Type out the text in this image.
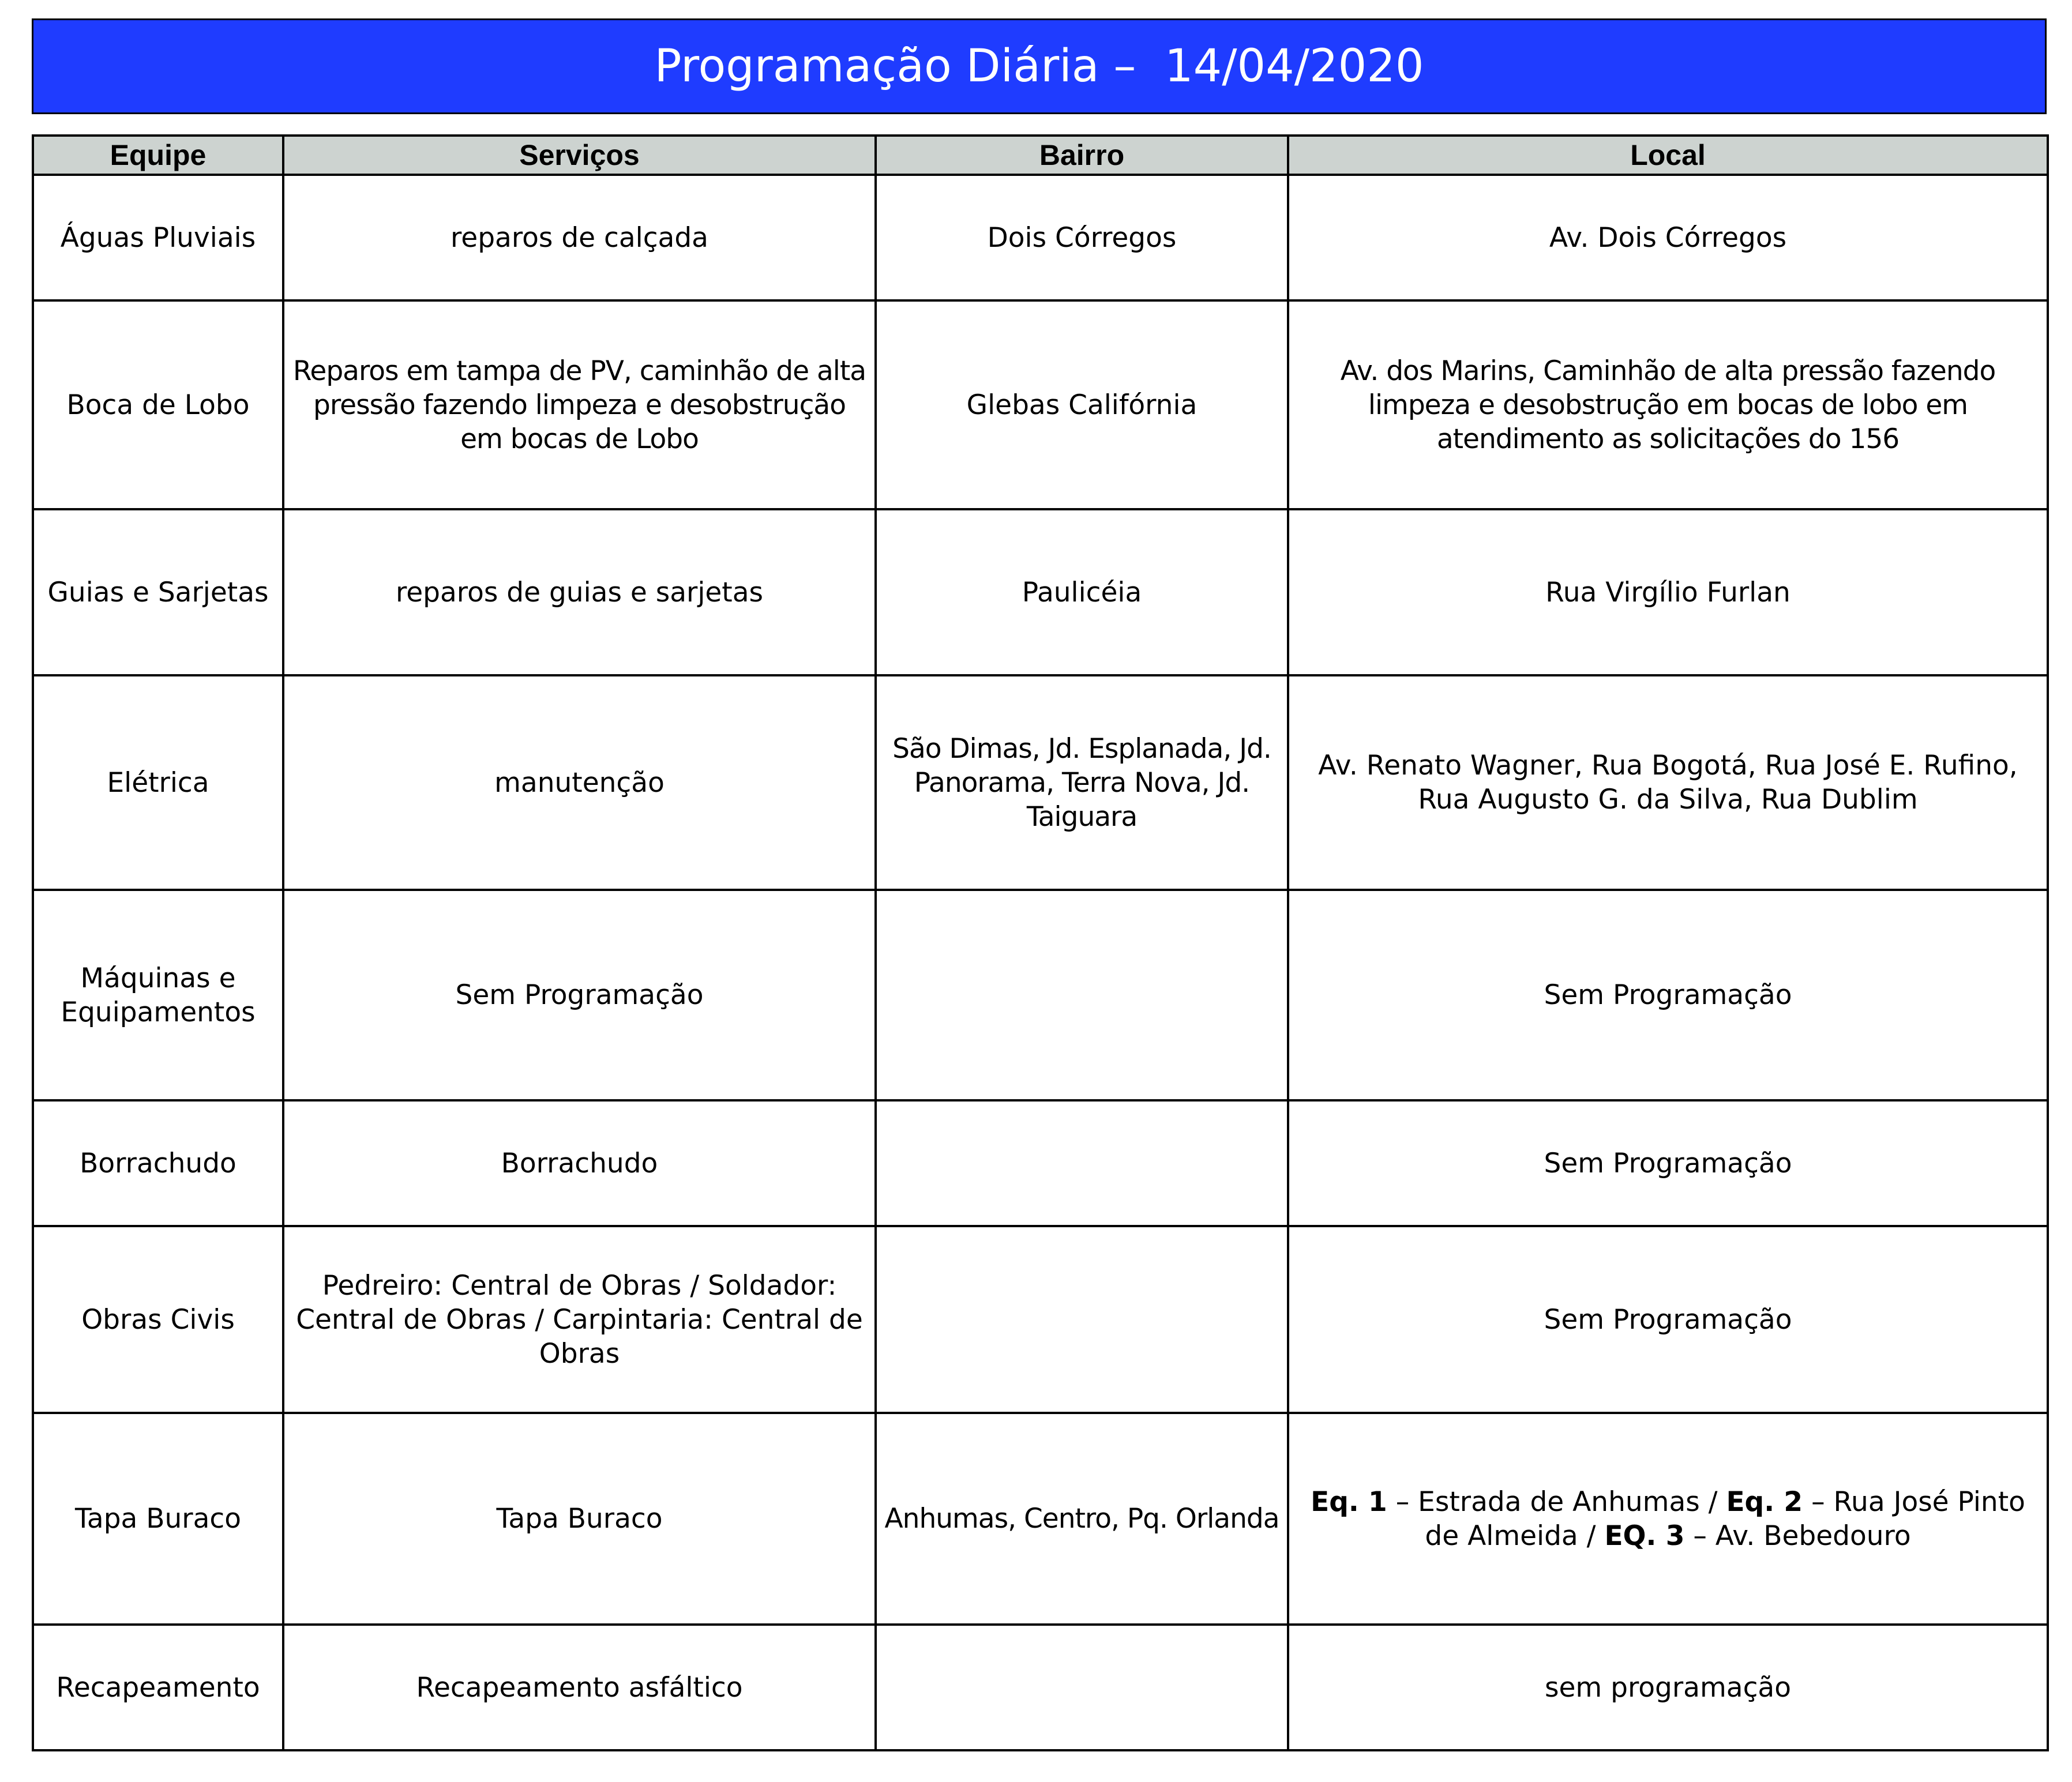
Programação Diária –  14/04/2020
Equipe	Serviços	Bairro	Local
Águas Pluviais	reparos de calçada	Dois Córregos	Av. Dois Córregos
Boca de Lobo	Reparos em tampa de PV, caminhão de alta pressão fazendo limpeza e desobstrução em bocas de Lobo	Glebas Califórnia	Av. dos Marins, Caminhão de alta pressão fazendo limpeza e desobstrução em bocas de lobo em atendimento as solicitações do 156
Guias e Sarjetas	reparos de guias e sarjetas	Paulicéia	Rua Virgílio Furlan
Elétrica	manutenção	São Dimas, Jd. Esplanada, Jd. Panorama, Terra Nova, Jd. Taiguara	Av. Renato Wagner, Rua Bogotá, Rua José E. Rufino, Rua Augusto G. da Silva, Rua Dublim
Máquinas e Equipamentos	Sem Programação		Sem Programação
Borrachudo	Borrachudo		Sem Programação
Obras Civis	Pedreiro: Central de Obras / Soldador: Central de Obras / Carpintaria: Central de Obras		Sem Programação
Tapa Buraco	Tapa Buraco	Anhumas, Centro, Pq. Orlanda	Eq. 1 – Estrada de Anhumas / Eq. 2 – Rua José Pinto de Almeida / EQ. 3 – Av. Bebedouro
Recapeamento	Recapeamento asfáltico		sem programação
